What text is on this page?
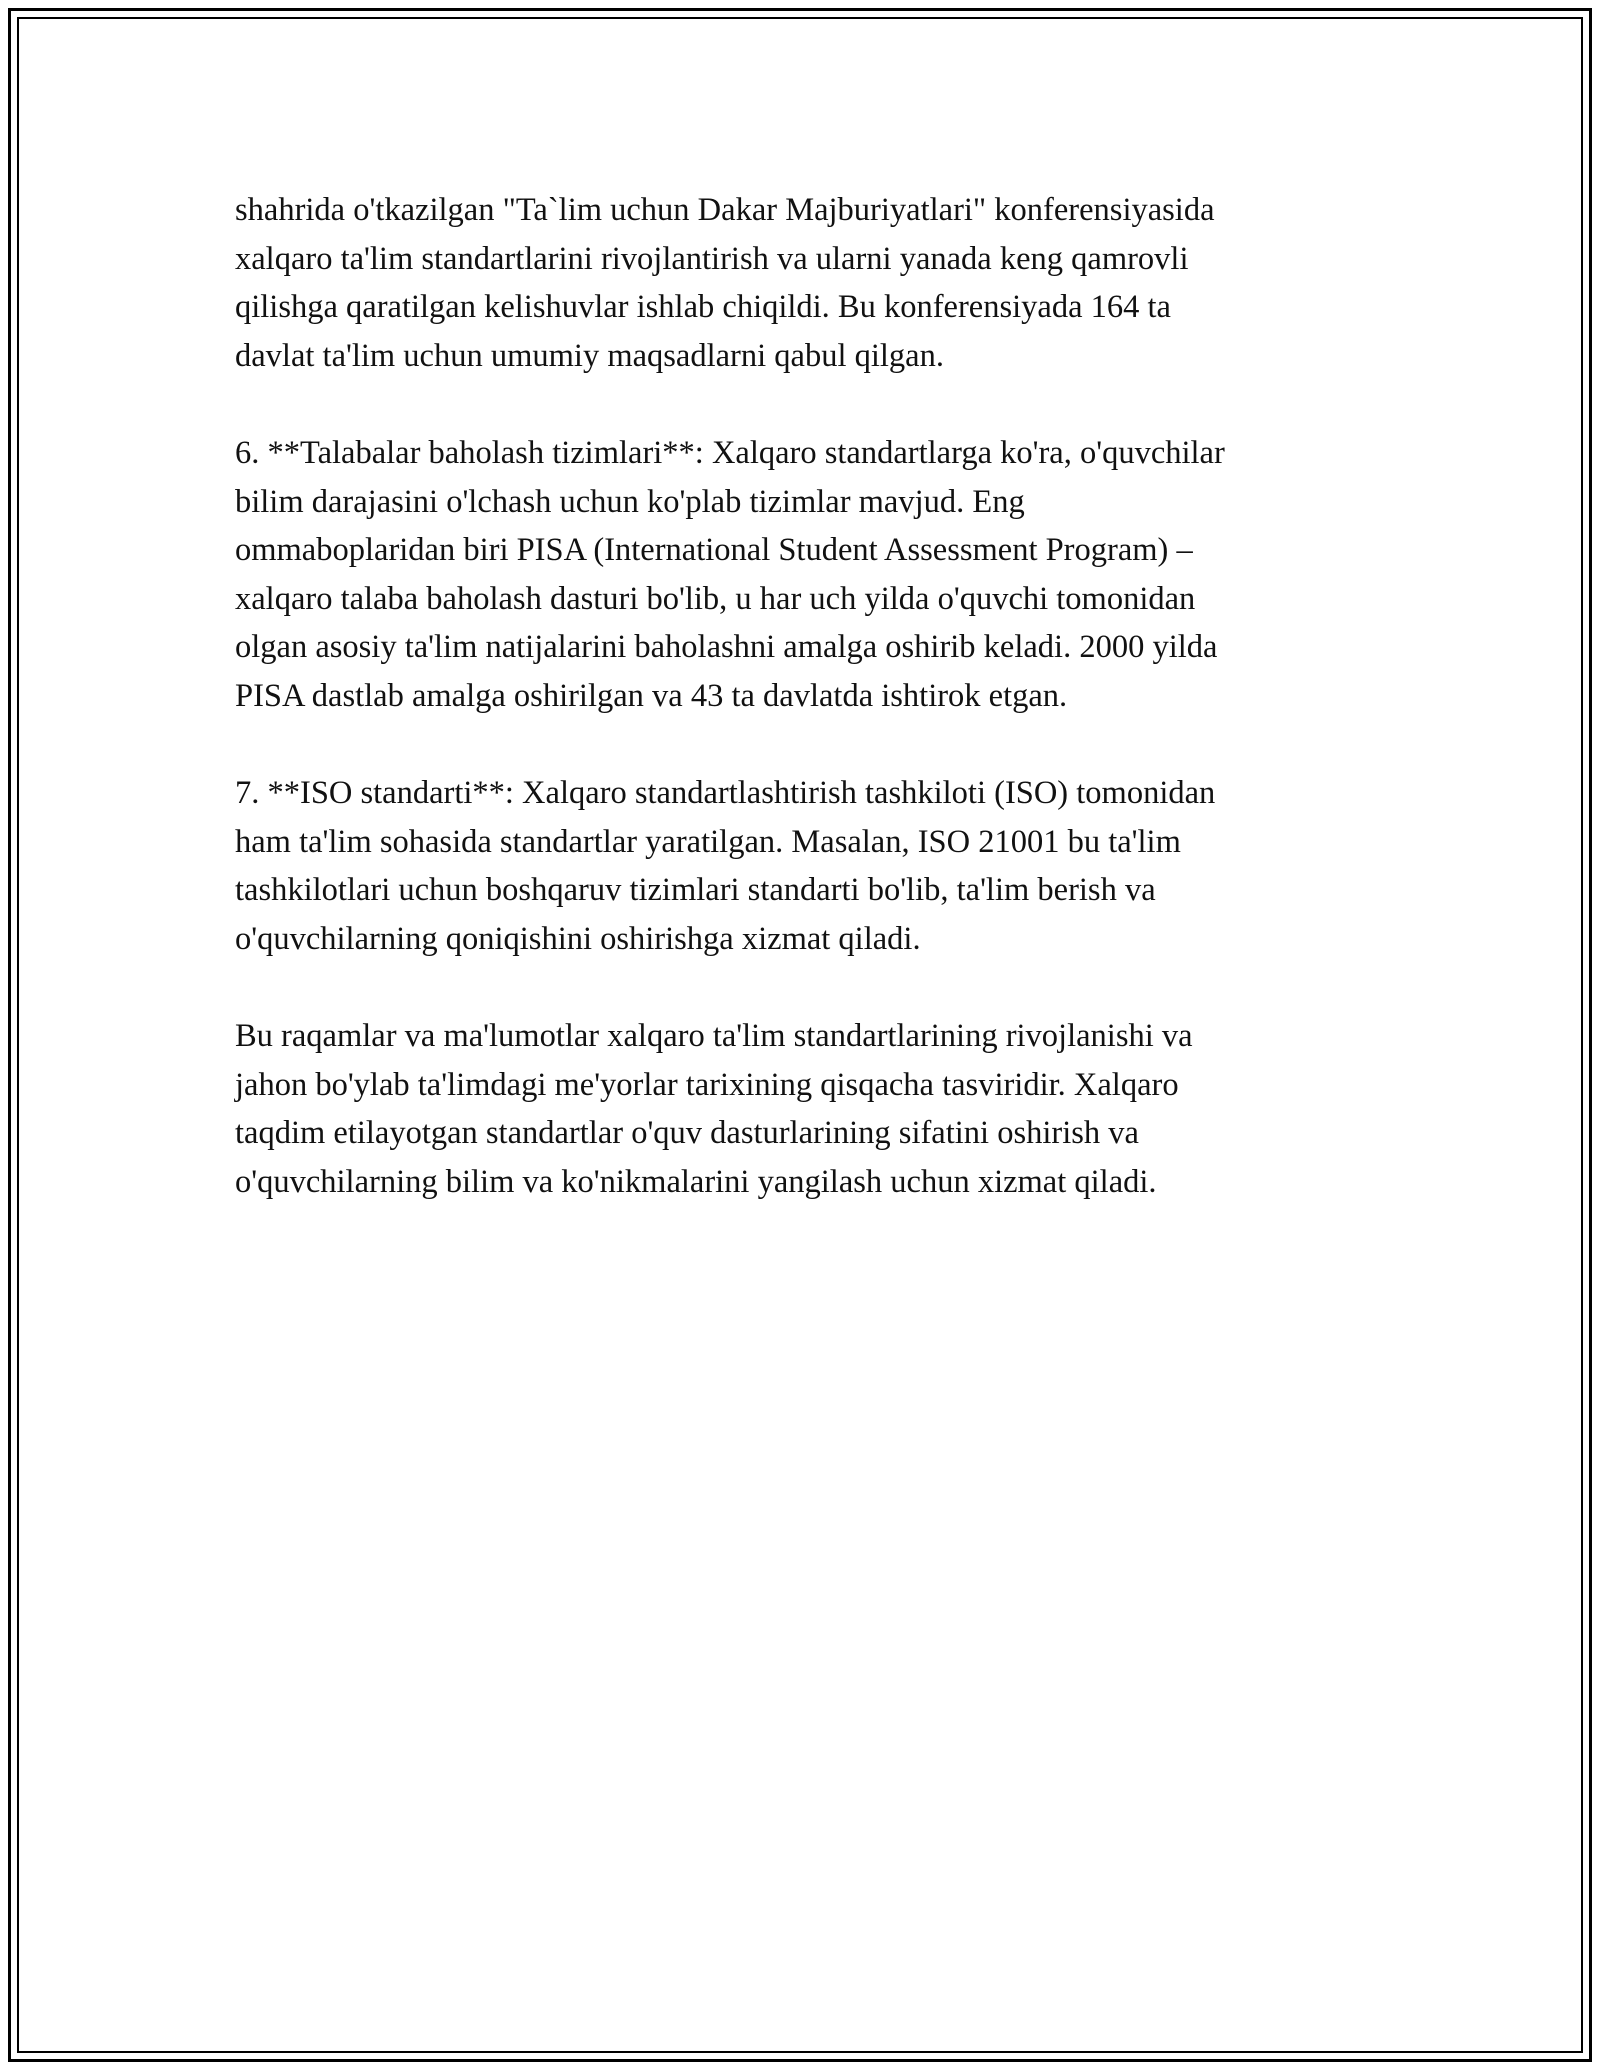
shahrida o'tkazilgan "Ta`lim uchun Dakar Majburiyatlari" konferensiyasida
xalqaro ta'lim standartlarini rivojlantirish va ularni yanada keng qamrovli
qilishga qaratilgan kelishuvlar ishlab chiqildi. Bu konferensiyada 164 ta
davlat ta'lim uchun umumiy maqsadlarni qabul qilgan.

6. **Talabalar baholash tizimlari**: Xalqaro standartlarga ko'ra, o'quvchilar
bilim darajasini o'lchash uchun ko'plab tizimlar mavjud. Eng
ommaboplaridan biri PISA (International Student Assessment Program) –
xalqaro talaba baholash dasturi bo'lib, u har uch yilda o'quvchi tomonidan
olgan asosiy ta'lim natijalarini baholashni amalga oshirib keladi. 2000 yilda
PISA dastlab amalga oshirilgan va 43 ta davlatda ishtirok etgan.

7. **ISO standarti**: Xalqaro standartlashtirish tashkiloti (ISO) tomonidan
ham ta'lim sohasida standartlar yaratilgan. Masalan, ISO 21001 bu ta'lim
tashkilotlari uchun boshqaruv tizimlari standarti bo'lib, ta'lim berish va
o'quvchilarning qoniqishini oshirishga xizmat qiladi.

Bu raqamlar va ma'lumotlar xalqaro ta'lim standartlarining rivojlanishi va
jahon bo'ylab ta'limdagi me'yorlar tarixining qisqacha tasviridir. Xalqaro
taqdim etilayotgan standartlar o'quv dasturlarining sifatini oshirish va
o'quvchilarning bilim va ko'nikmalarini yangilash uchun xizmat qiladi.
